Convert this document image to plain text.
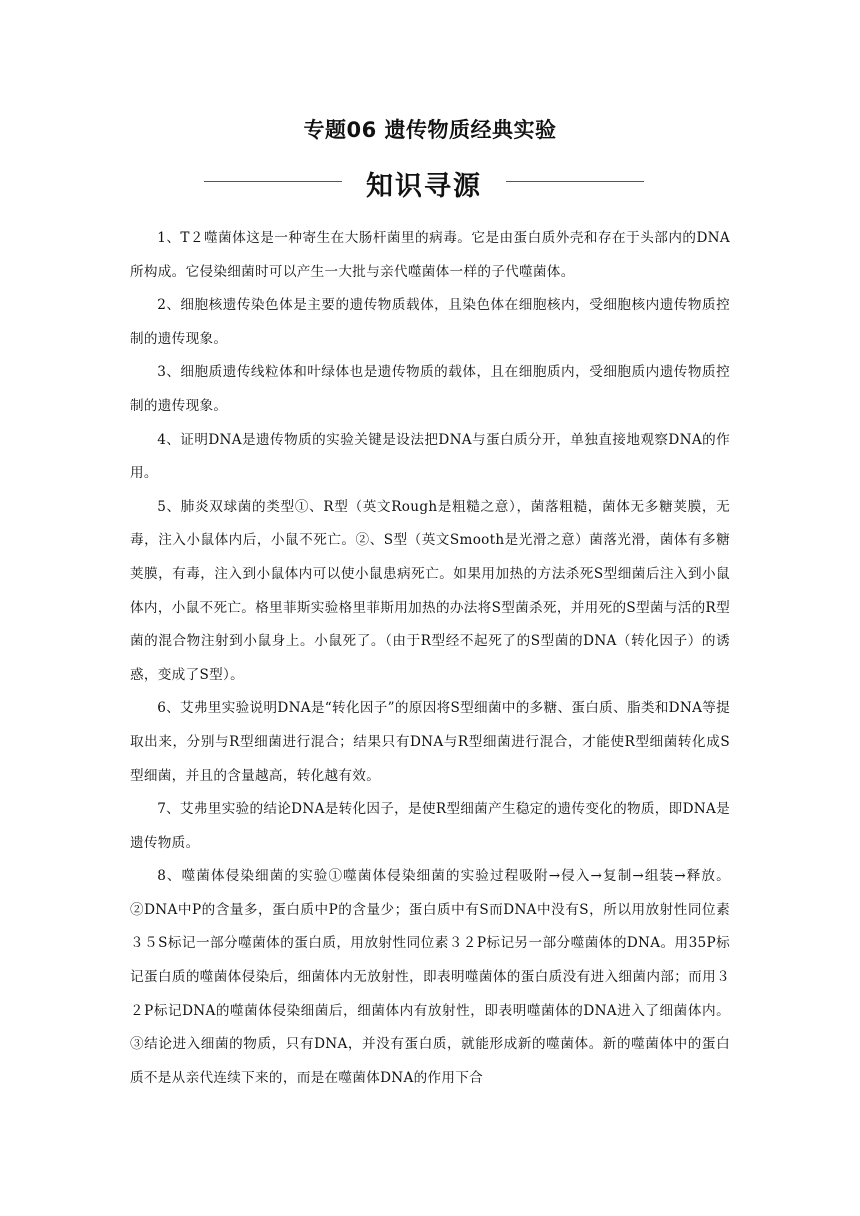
专题06 遗传物质经典实验
知识寻源

1、T２噬菌体这是一种寄生在大肠杆菌里的病毒。它是由蛋白质外壳和存在于头部内的DNA所构成。它侵染细菌时可以产生一大批与亲代噬菌体一样的子代噬菌体。

2、细胞核遗传染色体是主要的遗传物质载体，且染色体在细胞核内，受细胞核内遗传物质控制的遗传现象。

3、细胞质遗传线粒体和叶绿体也是遗传物质的载体，且在细胞质内，受细胞质内遗传物质控制的遗传现象。

4、证明DNA是遗传物质的实验关键是设法把DNA与蛋白质分开，单独直接地观察DNA的作用。

5、肺炎双球菌的类型①、R型（英文Rough是粗糙之意），菌落粗糙，菌体无多糖荚膜，无毒，注入小鼠体内后，小鼠不死亡。②、S型（英文Smooth是光滑之意）菌落光滑，菌体有多糖荚膜，有毒，注入到小鼠体内可以使小鼠患病死亡。如果用加热的方法杀死S型细菌后注入到小鼠体内，小鼠不死亡。格里菲斯实验格里菲斯用加热的办法将S型菌杀死，并用死的S型菌与活的R型菌的混合物注射到小鼠身上。小鼠死了。（由于R型经不起死了的S型菌的DNA（转化因子）的诱惑，变成了S型）。

6、艾弗里实验说明DNA是“转化因子”的原因将S型细菌中的多糖、蛋白质、脂类和DNA等提取出来，分别与R型细菌进行混合；结果只有DNA与R型细菌进行混合，才能使R型细菌转化成S型细菌，并且的含量越高，转化越有效。

7、艾弗里实验的结论DNA是转化因子，是使R型细菌产生稳定的遗传变化的物质，即DNA是遗传物质。

8、噬菌体侵染细菌的实验①噬菌体侵染细菌的实验过程吸附→侵入→复制→组装→释放。②DNA中P的含量多，蛋白质中P的含量少；蛋白质中有S而DNA中没有S，所以用放射性同位素３５S标记一部分噬菌体的蛋白质，用放射性同位素３２P标记另一部分噬菌体的DNA。用35P标记蛋白质的噬菌体侵染后，细菌体内无放射性，即表明噬菌体的蛋白质没有进入细菌内部；而用３２P标记DNA的噬菌体侵染细菌后，细菌体内有放射性，即表明噬菌体的DNA进入了细菌体内。③结论进入细菌的物质，只有DNA，并没有蛋白质，就能形成新的噬菌体。新的噬菌体中的蛋白质不是从亲代连续下来的，而是在噬菌体DNA的作用下合
